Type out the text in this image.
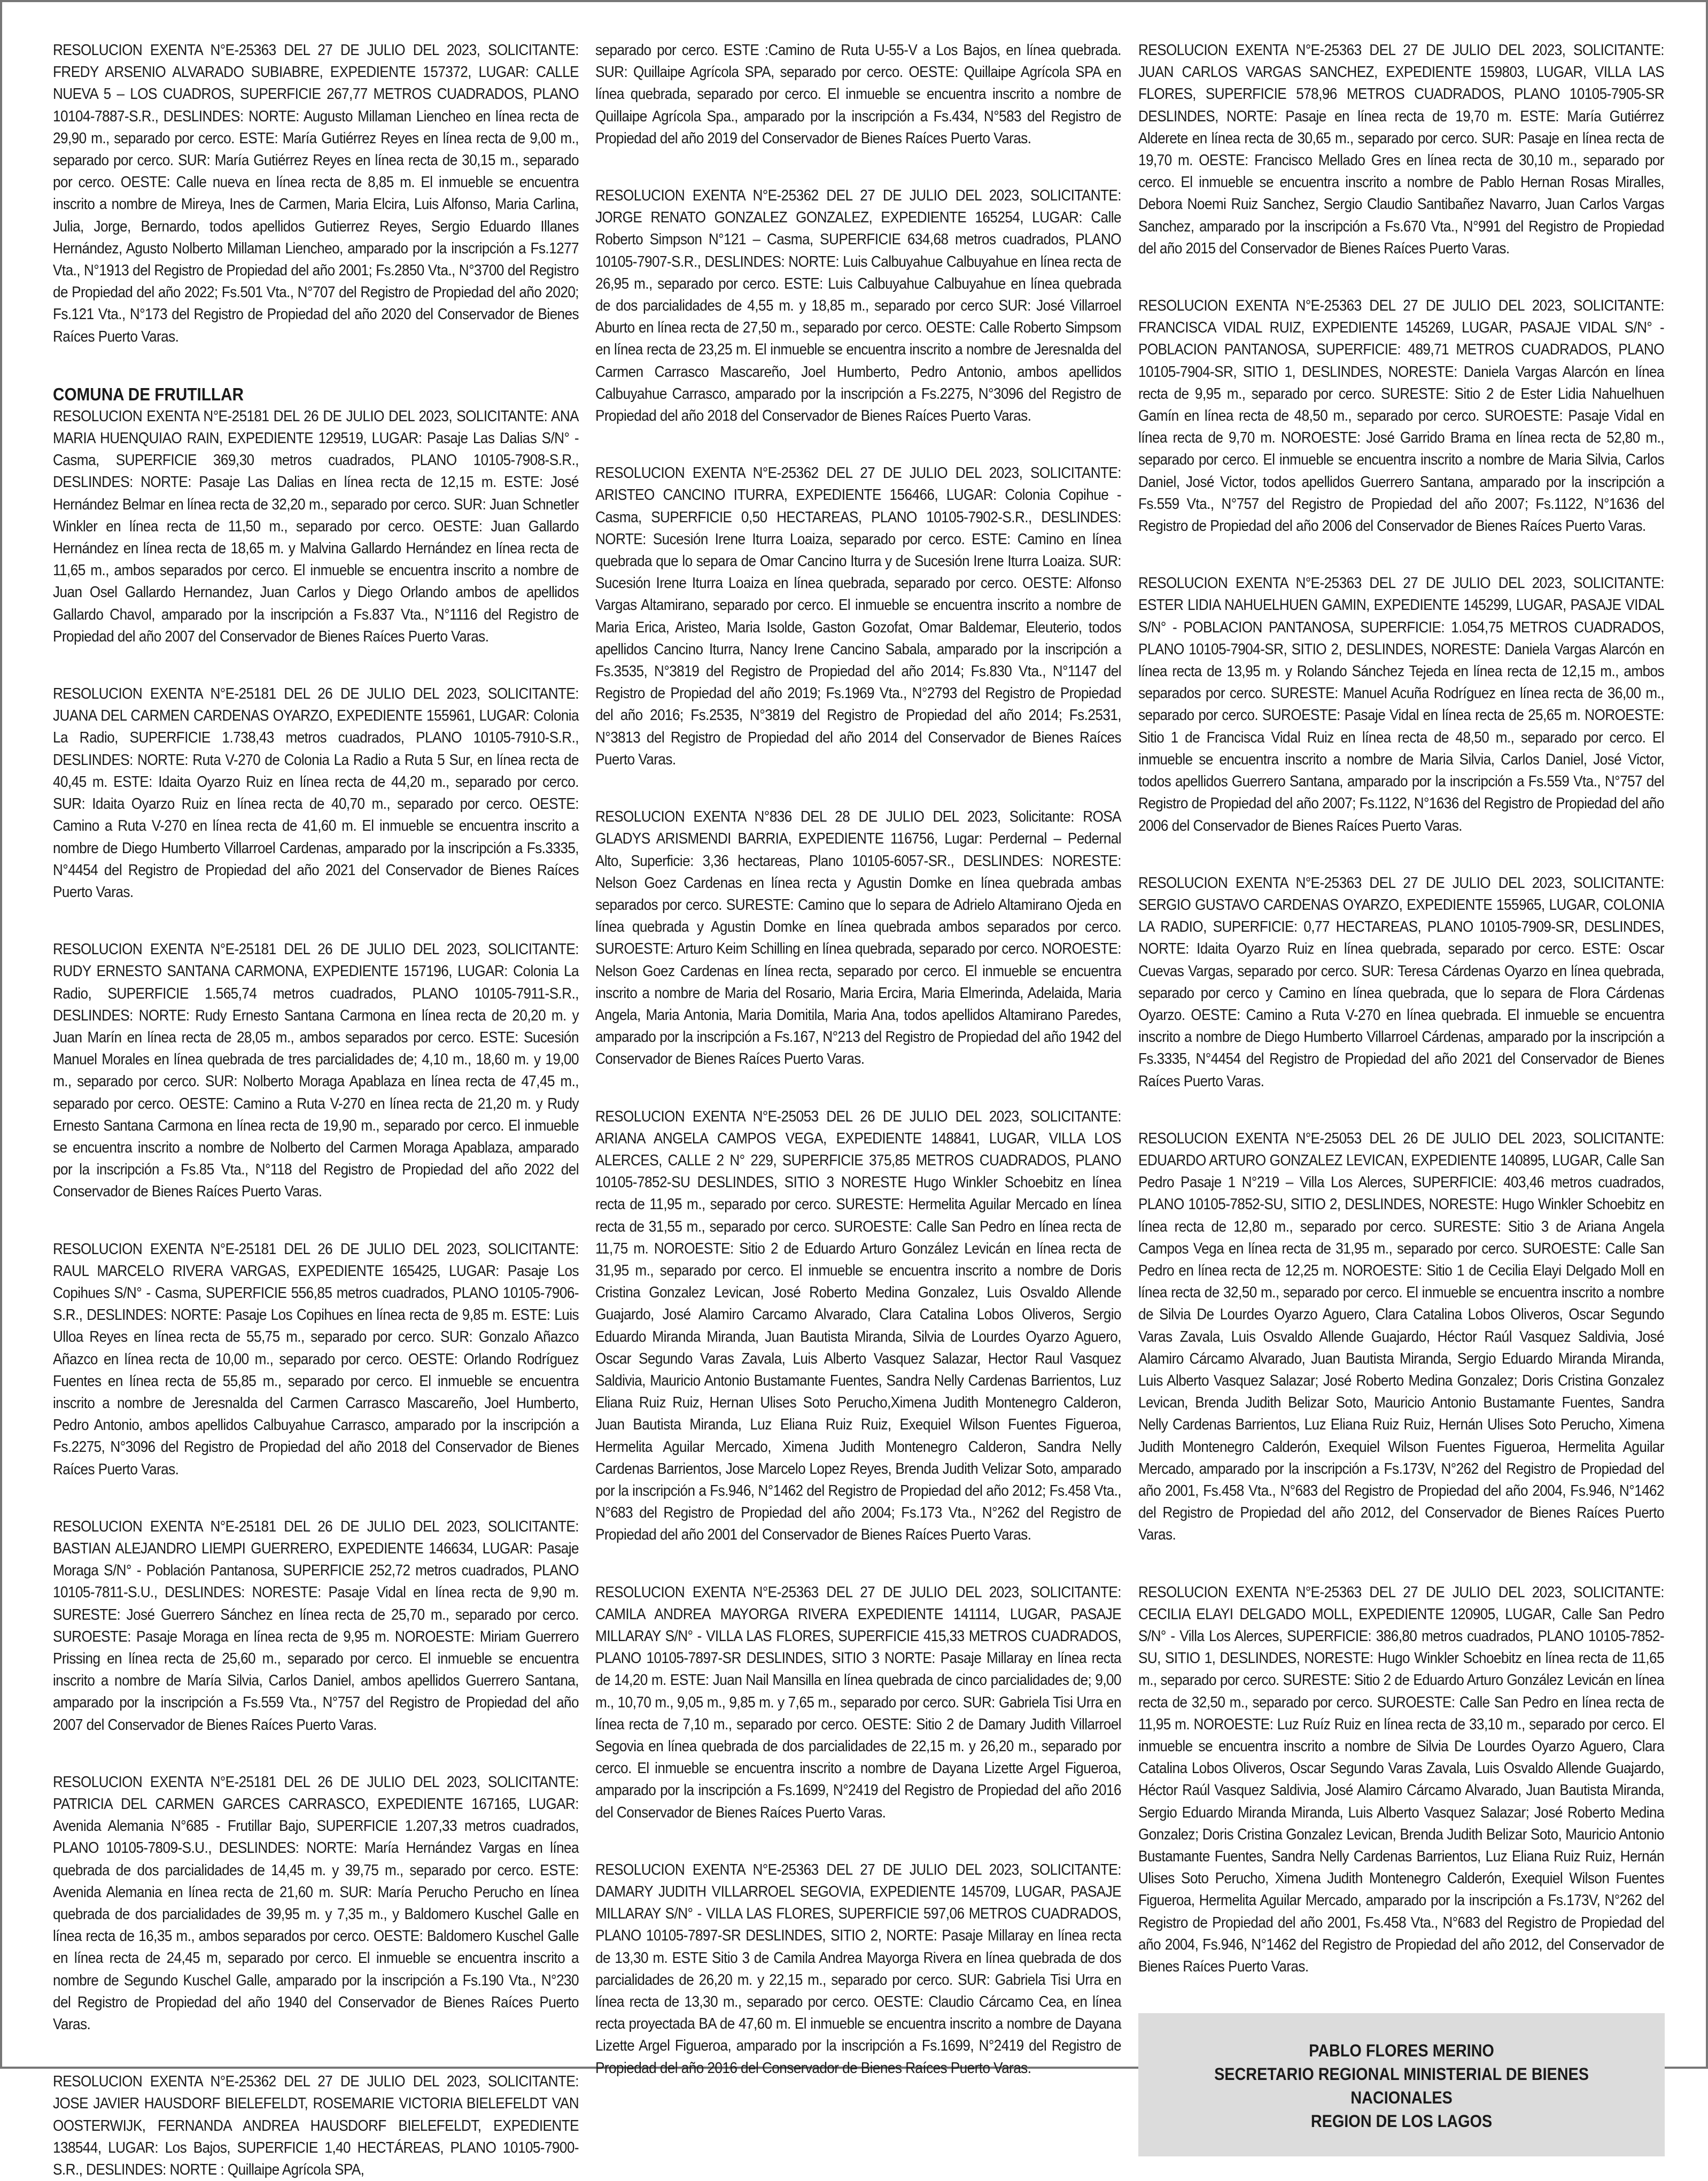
RESOLUCION EXENTA N°E-25363 DEL 27 DE JULIO DEL 2023, SOLICITANTE: FREDY ARSENIO ALVARADO SUBIABRE, EXPEDIENTE 157372, LUGAR: CALLE NUEVA 5 – LOS CUADROS, SUPERFICIE 267,77 METROS CUADRADOS, PLANO 10104-7887-S.R., DESLINDES: NORTE: Augusto Millaman Liencheo en línea recta de 29,90 m., separado por cerco. ESTE: María Gutiérrez Reyes en línea recta de 9,00 m., separado por cerco. SUR: María Gutiérrez Reyes en línea recta de 30,15 m., separado por cerco. OESTE: Calle nueva en línea recta de 8,85 m. El inmueble se encuentra inscrito a nombre de Mireya, Ines de Carmen, Maria Elcira, Luis Alfonso, Maria Carlina, Julia, Jorge, Bernardo, todos apellidos Gutierrez Reyes, Sergio Eduardo Illanes Hernández, Agusto Nolberto Millaman Liencheo, amparado por la inscripción a Fs.1277 Vta., N°1913 del Registro de Propiedad del año 2001; Fs.2850 Vta., N°3700 del Registro de Propiedad del año 2022; Fs.501 Vta., N°707 del Registro de Propiedad del año 2020; Fs.121 Vta., N°173 del Registro de Propiedad del año 2020 del Conservador de Bienes Raíces Puerto Varas.

COMUNA DE FRUTILLAR

RESOLUCION EXENTA N°E-25181 DEL 26 DE JULIO DEL 2023, SOLICITANTE: ANA MARIA HUENQUIAO RAIN, EXPEDIENTE 129519, LUGAR: Pasaje Las Dalias S/N° - Casma, SUPERFICIE 369,30 metros cuadrados, PLANO 10105-7908-S.R., DESLINDES: NORTE: Pasaje Las Dalias en línea recta de 12,15 m. ESTE: José Hernández Belmar en línea recta de 32,20 m., separado por cerco. SUR: Juan Schnetler Winkler en línea recta de 11,50 m., separado por cerco. OESTE: Juan Gallardo Hernández en línea recta de 18,65 m. y Malvina Gallardo Hernández en línea recta de 11,65 m., ambos separados por cerco. El inmueble se encuentra inscrito a nombre de Juan Osel Gallardo Hernandez, Juan Carlos y Diego Orlando ambos de apellidos Gallardo Chavol, amparado por la inscripción a Fs.837 Vta., N°1116 del Registro de Propiedad del año 2007 del Conservador de Bienes Raíces Puerto Varas.

RESOLUCION EXENTA N°E-25181 DEL 26 DE JULIO DEL 2023, SOLICITANTE: JUANA DEL CARMEN CARDENAS OYARZO, EXPEDIENTE 155961, LUGAR: Colonia La Radio, SUPERFICIE 1.738,43 metros cuadrados, PLANO 10105-7910-S.R., DESLINDES: NORTE: Ruta V-270 de Colonia La Radio a Ruta 5 Sur, en línea recta de 40,45 m. ESTE: Idaita Oyarzo Ruiz en línea recta de 44,20 m., separado por cerco. SUR: Idaita Oyarzo Ruiz en línea recta de 40,70 m., separado por cerco. OESTE: Camino a Ruta V-270 en línea recta de 41,60 m. El inmueble se encuentra inscrito a nombre de Diego Humberto Villarroel Cardenas, amparado por la inscripción a Fs.3335, N°4454 del Registro de Propiedad del año 2021 del Conservador de Bienes Raíces Puerto Varas.

RESOLUCION EXENTA N°E-25181 DEL 26 DE JULIO DEL 2023, SOLICITANTE: RUDY ERNESTO SANTANA CARMONA, EXPEDIENTE 157196, LUGAR: Colonia La Radio, SUPERFICIE 1.565,74 metros cuadrados, PLANO 10105-7911-S.R., DESLINDES: NORTE: Rudy Ernesto Santana Carmona en línea recta de 20,20 m. y Juan Marín en línea recta de 28,05 m., ambos separados por cerco. ESTE: Sucesión Manuel Morales en línea quebrada de tres parcialidades de; 4,10 m., 18,60 m. y 19,00 m., separado por cerco. SUR: Nolberto Moraga Apablaza en línea recta de 47,45 m., separado por cerco. OESTE: Camino a Ruta V-270 en línea recta de 21,20 m. y Rudy Ernesto Santana Carmona en línea recta de 19,90 m., separado por cerco. El inmueble se encuentra inscrito a nombre de Nolberto del Carmen Moraga Apablaza, amparado por la inscripción a Fs.85 Vta., N°118 del Registro de Propiedad del año 2022 del Conservador de Bienes Raíces Puerto Varas.

RESOLUCION EXENTA N°E-25181 DEL 26 DE JULIO DEL 2023, SOLICITANTE: RAUL MARCELO RIVERA VARGAS, EXPEDIENTE 165425, LUGAR: Pasaje Los Copihues S/N° - Casma, SUPERFICIE 556,85 metros cuadrados, PLANO 10105-7906-S.R., DESLINDES: NORTE: Pasaje Los Copihues en línea recta de 9,85 m. ESTE: Luis Ulloa Reyes en línea recta de 55,75 m., separado por cerco. SUR: Gonzalo Añazco Añazco en línea recta de 10,00 m., separado por cerco. OESTE: Orlando Rodríguez Fuentes en línea recta de 55,85 m., separado por cerco. El inmueble se encuentra inscrito a nombre de Jeresnalda del Carmen Carrasco Mascareño, Joel Humberto, Pedro Antonio, ambos apellidos Calbuyahue Carrasco, amparado por la inscripción a Fs.2275, N°3096 del Registro de Propiedad del año 2018 del Conservador de Bienes Raíces Puerto Varas.

RESOLUCION EXENTA N°E-25181 DEL 26 DE JULIO DEL 2023, SOLICITANTE: BASTIAN ALEJANDRO LIEMPI GUERRERO, EXPEDIENTE 146634, LUGAR: Pasaje Moraga S/N° - Población Pantanosa, SUPERFICIE 252,72 metros cuadrados, PLANO 10105-7811-S.U., DESLINDES: NORESTE: Pasaje Vidal en línea recta de 9,90 m. SURESTE: José Guerrero Sánchez en línea recta de 25,70 m., separado por cerco. SUROESTE: Pasaje Moraga en línea recta de 9,95 m. NOROESTE: Miriam Guerrero Prissing en línea recta de 25,60 m., separado por cerco. El inmueble se encuentra inscrito a nombre de María Silvia, Carlos Daniel, ambos apellidos Guerrero Santana, amparado por la inscripción a Fs.559 Vta., N°757 del Registro de Propiedad del año 2007 del Conservador de Bienes Raíces Puerto Varas.

RESOLUCION EXENTA N°E-25181 DEL 26 DE JULIO DEL 2023, SOLICITANTE: PATRICIA DEL CARMEN GARCES CARRASCO, EXPEDIENTE 167165, LUGAR: Avenida Alemania N°685 - Frutillar Bajo, SUPERFICIE 1.207,33 metros cuadrados, PLANO 10105-7809-S.U., DESLINDES: NORTE: María Hernández Vargas en línea quebrada de dos parcialidades de 14,45 m. y 39,75 m., separado por cerco. ESTE: Avenida Alemania en línea recta de 21,60 m. SUR: María Perucho Perucho en línea quebrada de dos parcialidades de 39,95 m. y 7,35 m., y Baldomero Kuschel Galle en línea recta de 16,35 m., ambos separados por cerco. OESTE: Baldomero Kuschel Galle en línea recta de 24,45 m, separado por cerco. El inmueble se encuentra inscrito a nombre de Segundo Kuschel Galle, amparado por la inscripción a Fs.190 Vta., N°230 del Registro de Propiedad del año 1940 del Conservador de Bienes Raíces Puerto Varas.

RESOLUCION EXENTA N°E-25362 DEL 27 DE JULIO DEL 2023, SOLICITANTE: JOSE JAVIER HAUSDORF BIELEFELDT, ROSEMARIE VICTORIA BIELEFELDT VAN OOSTERWIJK, FERNANDA ANDREA HAUSDORF BIELEFELDT, EXPEDIENTE 138544, LUGAR: Los Bajos, SUPERFICIE 1,40 HECTÁREAS, PLANO 10105-7900-S.R., DESLINDES: NORTE : Quillaipe Agrícola SPA,

separado por cerco. ESTE :Camino de Ruta U-55-V a Los Bajos, en línea quebrada. SUR: Quillaipe Agrícola SPA, separado por cerco. OESTE: Quillaipe Agrícola SPA en línea quebrada, separado por cerco. El inmueble se encuentra inscrito a nombre de Quillaipe Agrícola Spa., amparado por la inscripción a Fs.434, N°583 del Registro de Propiedad del año 2019 del Conservador de Bienes Raíces Puerto Varas.

RESOLUCION EXENTA N°E-25362 DEL 27 DE JULIO DEL 2023, SOLICITANTE: JORGE RENATO GONZALEZ GONZALEZ, EXPEDIENTE 165254, LUGAR: Calle Roberto Simpson N°121 – Casma, SUPERFICIE 634,68 metros cuadrados, PLANO 10105-7907-S.R., DESLINDES: NORTE: Luis Calbuyahue Calbuyahue en línea recta de 26,95 m., separado por cerco. ESTE: Luis Calbuyahue Calbuyahue en línea quebrada de dos parcialidades de 4,55 m. y 18,85 m., separado por cerco SUR: José Villarroel Aburto en línea recta de 27,50 m., separado por cerco. OESTE: Calle Roberto Simpsom en línea recta de 23,25 m. El inmueble se encuentra inscrito a nombre de Jeresnalda del Carmen Carrasco Mascareño, Joel Humberto, Pedro Antonio, ambos apellidos Calbuyahue Carrasco, amparado por la inscripción a Fs.2275, N°3096 del Registro de Propiedad del año 2018 del Conservador de Bienes Raíces Puerto Varas.

RESOLUCION EXENTA N°E-25362 DEL 27 DE JULIO DEL 2023, SOLICITANTE: ARISTEO CANCINO ITURRA, EXPEDIENTE 156466, LUGAR: Colonia Copihue - Casma, SUPERFICIE 0,50 HECTAREAS, PLANO 10105-7902-S.R., DESLINDES: NORTE: Sucesión Irene Iturra Loaiza, separado por cerco. ESTE: Camino en línea quebrada que lo separa de Omar Cancino Iturra y de Sucesión Irene Iturra Loaiza. SUR: Sucesión Irene Iturra Loaiza en línea quebrada, separado por cerco. OESTE: Alfonso Vargas Altamirano, separado por cerco. El inmueble se encuentra inscrito a nombre de Maria Erica, Aristeo, Maria Isolde, Gaston Gozofat, Omar Baldemar, Eleuterio, todos apellidos Cancino Iturra, Nancy Irene Cancino Sabala, amparado por la inscripción a Fs.3535, N°3819 del Registro de Propiedad del año 2014; Fs.830 Vta., N°1147 del Registro de Propiedad del año 2019; Fs.1969 Vta., N°2793 del Registro de Propiedad del año 2016; Fs.2535, N°3819 del Registro de Propiedad del año 2014; Fs.2531, N°3813 del Registro de Propiedad del año 2014 del Conservador de Bienes Raíces Puerto Varas.

RESOLUCION EXENTA N°836 DEL 28 DE JULIO DEL 2023, Solicitante: ROSA GLADYS ARISMENDI BARRIA, EXPEDIENTE 116756, Lugar: Perdernal – Pedernal Alto, Superficie: 3,36 hectareas, Plano 10105-6057-SR., DESLINDES: NORESTE: Nelson Goez Cardenas en línea recta y Agustin Domke en línea quebrada ambas separados por cerco. SURESTE: Camino que lo separa de Adrielo Altamirano Ojeda en línea quebrada y Agustin Domke en línea quebrada ambos separados por cerco. SUROESTE: Arturo Keim Schilling en línea quebrada, separado por cerco. NOROESTE: Nelson Goez Cardenas en línea recta, separado por cerco. El inmueble se encuentra inscrito a nombre de Maria del Rosario, Maria Ercira, Maria Elmerinda, Adelaida, Maria Angela, Maria Antonia, Maria Domitila, Maria Ana, todos apellidos Altamirano Paredes, amparado por la inscripción a Fs.167, N°213 del Registro de Propiedad del año 1942 del Conservador de Bienes Raíces Puerto Varas.

RESOLUCION EXENTA N°E-25053 DEL 26 DE JULIO DEL 2023, SOLICITANTE: ARIANA ANGELA CAMPOS VEGA, EXPEDIENTE 148841, LUGAR, VILLA LOS ALERCES, CALLE 2 N° 229, SUPERFICIE 375,85 METROS CUADRADOS, PLANO 10105-7852-SU DESLINDES, SITIO 3 NORESTE Hugo Winkler Schoebitz en línea recta de 11,95 m., separado por cerco. SURESTE: Hermelita Aguilar Mercado en línea recta de 31,55 m., separado por cerco. SUROESTE: Calle San Pedro en línea recta de 11,75 m. NOROESTE: Sitio 2 de Eduardo Arturo González Levicán en línea recta de 31,95 m., separado por cerco. El inmueble se encuentra inscrito a nombre de Doris Cristina Gonzalez Levican, José Roberto Medina Gonzalez, Luis Osvaldo Allende Guajardo, José Alamiro Carcamo Alvarado, Clara Catalina Lobos Oliveros, Sergio Eduardo Miranda Miranda, Juan Bautista Miranda, Silvia de Lourdes Oyarzo Aguero, Oscar Segundo Varas Zavala, Luis Alberto Vasquez Salazar, Hector Raul Vasquez Saldivia, Mauricio Antonio Bustamante Fuentes, Sandra Nelly Cardenas Barrientos, Luz Eliana Ruiz Ruiz, Hernan Ulises Soto Perucho,Ximena Judith Montenegro Calderon, Juan Bautista Miranda, Luz Eliana Ruiz Ruiz, Exequiel Wilson Fuentes Figueroa, Hermelita Aguilar Mercado, Ximena Judith Montenegro Calderon, Sandra Nelly Cardenas Barrientos, Jose Marcelo Lopez Reyes, Brenda Judith Velizar Soto, amparado por la inscripción a Fs.946, N°1462 del Registro de Propiedad del año 2012; Fs.458 Vta., N°683 del Registro de Propiedad del año 2004; Fs.173 Vta., N°262 del Registro de Propiedad del año 2001 del Conservador de Bienes Raíces Puerto Varas.

RESOLUCION EXENTA N°E-25363 DEL 27 DE JULIO DEL 2023, SOLICITANTE: CAMILA ANDREA MAYORGA RIVERA EXPEDIENTE 141114, LUGAR, PASAJE MILLARAY S/N° - VILLA LAS FLORES, SUPERFICIE 415,33 METROS CUADRADOS, PLANO 10105-7897-SR DESLINDES, SITIO 3 NORTE: Pasaje Millaray en línea recta de 14,20 m. ESTE: Juan Nail Mansilla en línea quebrada de cinco parcialidades de; 9,00 m., 10,70 m., 9,05 m., 9,85 m. y 7,65 m., separado por cerco. SUR: Gabriela Tisi Urra en línea recta de 7,10 m., separado por cerco. OESTE: Sitio 2 de Damary Judith Villarroel Segovia en línea quebrada de dos parcialidades de 22,15 m. y 26,20 m., separado por cerco. El inmueble se encuentra inscrito a nombre de Dayana Lizette Argel Figueroa, amparado por la inscripción a Fs.1699, N°2419 del Registro de Propiedad del año 2016 del Conservador de Bienes Raíces Puerto Varas.

RESOLUCION EXENTA N°E-25363 DEL 27 DE JULIO DEL 2023, SOLICITANTE: DAMARY JUDITH VILLARROEL SEGOVIA, EXPEDIENTE 145709, LUGAR, PASAJE MILLARAY S/N° - VILLA LAS FLORES, SUPERFICIE 597,06 METROS CUADRADOS, PLANO 10105-7897-SR DESLINDES, SITIO 2, NORTE: Pasaje Millaray en línea recta de 13,30 m. ESTE Sitio 3 de Camila Andrea Mayorga Rivera en línea quebrada de dos parcialidades de 26,20 m. y 22,15 m., separado por cerco. SUR: Gabriela Tisi Urra en línea recta de 13,30 m., separado por cerco. OESTE: Claudio Cárcamo Cea, en línea recta proyectada BA de 47,60 m. El inmueble se encuentra inscrito a nombre de Dayana Lizette Argel Figueroa, amparado por la inscripción a Fs.1699, N°2419 del Registro de Propiedad del año 2016 del Conservador de Bienes Raíces Puerto Varas.

RESOLUCION EXENTA N°E-25363 DEL 27 DE JULIO DEL 2023, SOLICITANTE: JUAN CARLOS VARGAS SANCHEZ, EXPEDIENTE 159803, LUGAR, VILLA LAS FLORES, SUPERFICIE 578,96 METROS CUADRADOS, PLANO 10105-7905-SR DESLINDES, NORTE: Pasaje en línea recta de 19,70 m. ESTE: María Gutiérrez Alderete en línea recta de 30,65 m., separado por cerco. SUR: Pasaje en línea recta de 19,70 m. OESTE: Francisco Mellado Gres en línea recta de 30,10 m., separado por cerco. El inmueble se encuentra inscrito a nombre de Pablo Hernan Rosas Miralles, Debora Noemi Ruiz Sanchez, Sergio Claudio Santibañez Navarro, Juan Carlos Vargas Sanchez, amparado por la inscripción a Fs.670 Vta., N°991 del Registro de Propiedad del año 2015 del Conservador de Bienes Raíces Puerto Varas.

RESOLUCION EXENTA N°E-25363 DEL 27 DE JULIO DEL 2023, SOLICITANTE: FRANCISCA VIDAL RUIZ, EXPEDIENTE 145269, LUGAR, PASAJE VIDAL S/N° - POBLACION PANTANOSA, SUPERFICIE: 489,71 METROS CUADRADOS, PLANO 10105-7904-SR, SITIO 1, DESLINDES, NORESTE: Daniela Vargas Alarcón en línea recta de 9,95 m., separado por cerco. SURESTE: Sitio 2 de Ester Lidia Nahuelhuen Gamín en línea recta de 48,50 m., separado por cerco. SUROESTE: Pasaje Vidal en línea recta de 9,70 m. NOROESTE: José Garrido Brama en línea recta de 52,80 m., separado por cerco. El inmueble se encuentra inscrito a nombre de Maria Silvia, Carlos Daniel, José Victor, todos apellidos Guerrero Santana, amparado por la inscripción a Fs.559 Vta., N°757 del Registro de Propiedad del año 2007; Fs.1122, N°1636 del Registro de Propiedad del año 2006 del Conservador de Bienes Raíces Puerto Varas.

RESOLUCION EXENTA N°E-25363 DEL 27 DE JULIO DEL 2023, SOLICITANTE: ESTER LIDIA NAHUELHUEN GAMIN, EXPEDIENTE 145299, LUGAR, PASAJE VIDAL S/N° - POBLACION PANTANOSA, SUPERFICIE: 1.054,75 METROS CUADRADOS, PLANO 10105-7904-SR, SITIO 2, DESLINDES, NORESTE: Daniela Vargas Alarcón en línea recta de 13,95 m. y Rolando Sánchez Tejeda en línea recta de 12,15 m., ambos separados por cerco. SURESTE: Manuel Acuña Rodríguez en línea recta de 36,00 m., separado por cerco. SUROESTE: Pasaje Vidal en línea recta de 25,65 m. NOROESTE: Sitio 1 de Francisca Vidal Ruiz en línea recta de 48,50 m., separado por cerco. El inmueble se encuentra inscrito a nombre de Maria Silvia, Carlos Daniel, José Victor, todos apellidos Guerrero Santana, amparado por la inscripción a Fs.559 Vta., N°757 del Registro de Propiedad del año 2007; Fs.1122, N°1636 del Registro de Propiedad del año 2006 del Conservador de Bienes Raíces Puerto Varas.

RESOLUCION EXENTA N°E-25363 DEL 27 DE JULIO DEL 2023, SOLICITANTE: SERGIO GUSTAVO CARDENAS OYARZO, EXPEDIENTE 155965, LUGAR, COLONIA LA RADIO, SUPERFICIE: 0,77 HECTAREAS, PLANO 10105-7909-SR, DESLINDES, NORTE: Idaita Oyarzo Ruiz en línea quebrada, separado por cerco. ESTE: Oscar Cuevas Vargas, separado por cerco. SUR: Teresa Cárdenas Oyarzo en línea quebrada, separado por cerco y Camino en línea quebrada, que lo separa de Flora Cárdenas Oyarzo. OESTE: Camino a Ruta V-270 en línea quebrada. El inmueble se encuentra inscrito a nombre de Diego Humberto Villarroel Cárdenas, amparado por la inscripción a Fs.3335, N°4454 del Registro de Propiedad del año 2021 del Conservador de Bienes Raíces Puerto Varas.

RESOLUCION EXENTA N°E-25053 DEL 26 DE JULIO DEL 2023, SOLICITANTE: EDUARDO ARTURO GONZALEZ LEVICAN, EXPEDIENTE 140895, LUGAR, Calle San Pedro Pasaje 1 N°219 – Villa Los Alerces, SUPERFICIE: 403,46 metros cuadrados, PLANO 10105-7852-SU, SITIO 2, DESLINDES, NORESTE: Hugo Winkler Schoebitz en línea recta de 12,80 m., separado por cerco. SURESTE: Sitio 3 de Ariana Angela Campos Vega en línea recta de 31,95 m., separado por cerco. SUROESTE: Calle San Pedro en línea recta de 12,25 m. NOROESTE: Sitio 1 de Cecilia Elayi Delgado Moll en línea recta de 32,50 m., separado por cerco. El inmueble se encuentra inscrito a nombre de Silvia De Lourdes Oyarzo Aguero, Clara Catalina Lobos Oliveros, Oscar Segundo Varas Zavala, Luis Osvaldo Allende Guajardo, Héctor Raúl Vasquez Saldivia, José Alamiro Cárcamo Alvarado, Juan Bautista Miranda, Sergio Eduardo Miranda Miranda, Luis Alberto Vasquez Salazar; José Roberto Medina Gonzalez; Doris Cristina Gonzalez Levican, Brenda Judith Belizar Soto, Mauricio Antonio Bustamante Fuentes, Sandra Nelly Cardenas Barrientos, Luz Eliana Ruiz Ruiz, Hernán Ulises Soto Perucho, Ximena Judith Montenegro Calderón, Exequiel Wilson Fuentes Figueroa, Hermelita Aguilar Mercado, amparado por la inscripción a Fs.173V, N°262 del Registro de Propiedad del año 2001, Fs.458 Vta., N°683 del Registro de Propiedad del año 2004, Fs.946, N°1462 del Registro de Propiedad del año 2012, del Conservador de Bienes Raíces Puerto Varas.

RESOLUCION EXENTA N°E-25363 DEL 27 DE JULIO DEL 2023, SOLICITANTE: CECILIA ELAYI DELGADO MOLL, EXPEDIENTE 120905, LUGAR, Calle San Pedro S/N° - Villa Los Alerces, SUPERFICIE: 386,80 metros cuadrados, PLANO 10105-7852-SU, SITIO 1, DESLINDES, NORESTE: Hugo Winkler Schoebitz en línea recta de 11,65 m., separado por cerco. SURESTE: Sitio 2 de Eduardo Arturo González Levicán en línea recta de 32,50 m., separado por cerco. SUROESTE: Calle San Pedro en línea recta de 11,95 m. NOROESTE: Luz Ruíz Ruiz en línea recta de 33,10 m., separado por cerco. El inmueble se encuentra inscrito a nombre de Silvia De Lourdes Oyarzo Aguero, Clara Catalina Lobos Oliveros, Oscar Segundo Varas Zavala, Luis Osvaldo Allende Guajardo, Héctor Raúl Vasquez Saldivia, José Alamiro Cárcamo Alvarado, Juan Bautista Miranda, Sergio Eduardo Miranda Miranda, Luis Alberto Vasquez Salazar; José Roberto Medina Gonzalez; Doris Cristina Gonzalez Levican, Brenda Judith Belizar Soto, Mauricio Antonio Bustamante Fuentes, Sandra Nelly Cardenas Barrientos, Luz Eliana Ruiz Ruiz, Hernán Ulises Soto Perucho, Ximena Judith Montenegro Calderón, Exequiel Wilson Fuentes Figueroa, Hermelita Aguilar Mercado, amparado por la inscripción a Fs.173V, N°262 del Registro de Propiedad del año 2001, Fs.458 Vta., N°683 del Registro de Propiedad del año 2004, Fs.946, N°1462 del Registro de Propiedad del año 2012, del Conservador de Bienes Raíces Puerto Varas.

PABLO FLORES MERINO
SECRETARIO REGIONAL MINISTERIAL DE BIENES NACIONALES
REGION DE LOS LAGOS
